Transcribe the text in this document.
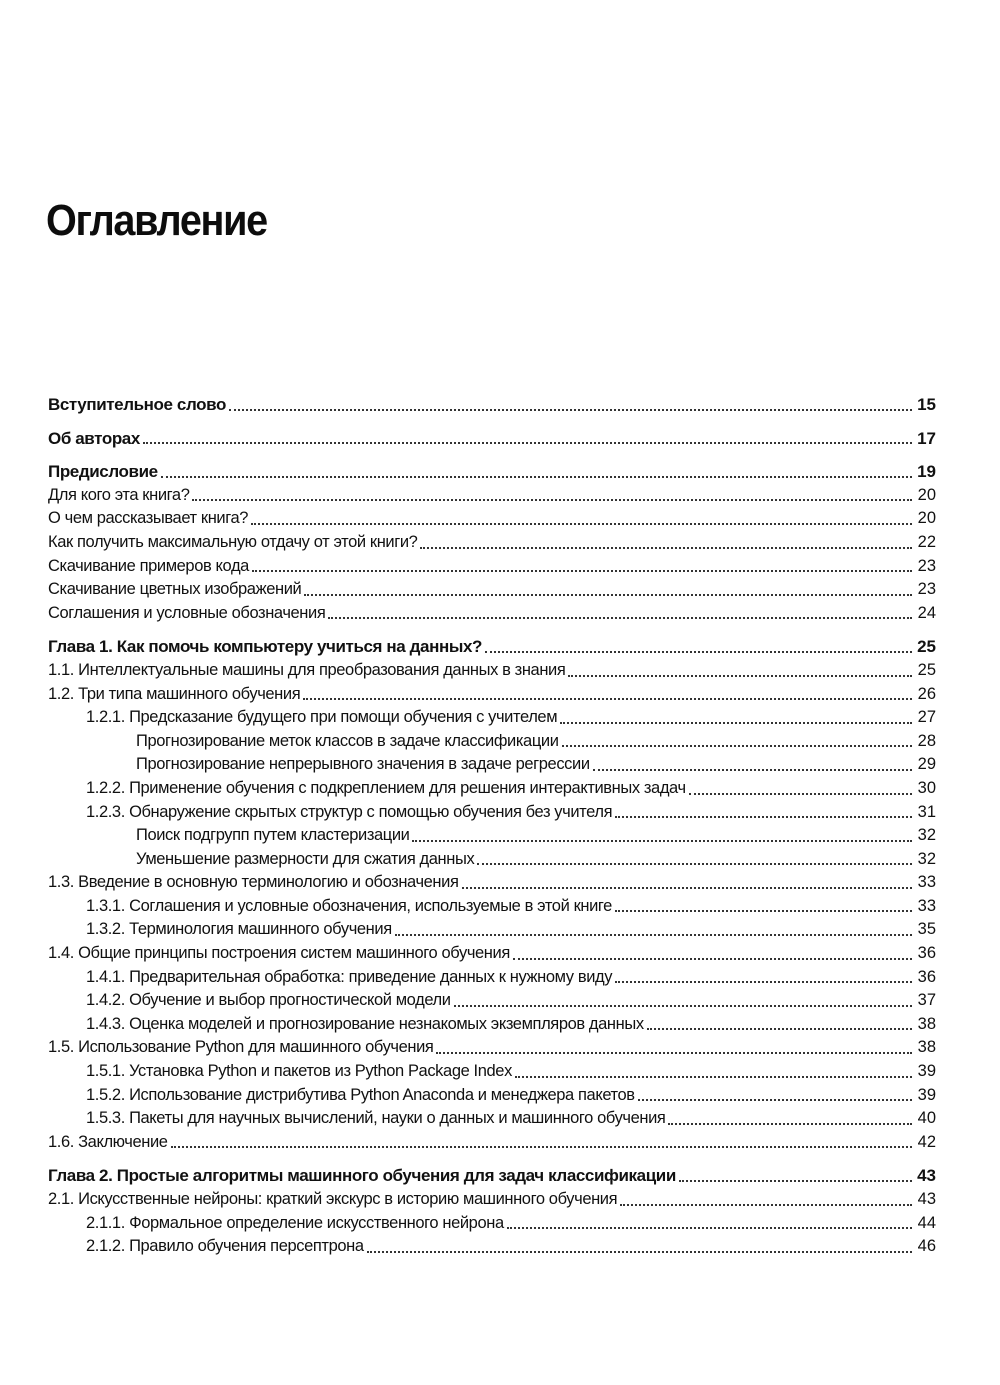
Оглавление
Вступительное слово	15
Об авторах	17
Предисловие	19
Для кого эта книга?	20
О чем рассказывает книга?	20
Как получить максимальную отдачу от этой книги?	22
Скачивание примеров кода	23
Скачивание цветных изображений	23
Соглашения и условные обозначения	24
Глава 1. Как помочь компьютеру учиться на данных?	25
1.1. Интеллектуальные машины для преобразования данных в знания	25
1.2. Три типа машинного обучения	26
1.2.1. Предсказание будущего при помощи обучения с учителем	27
Прогнозирование меток классов в задаче классификации	28
Прогнозирование непрерывного значения в задаче регрессии	29
1.2.2. Применение обучения с подкреплением для решения интерактивных задач	30
1.2.3. Обнаружение скрытых структур с помощью обучения без учителя	31
Поиск подгрупп путем кластеризации	32
Уменьшение размерности для сжатия данных	32
1.3. Введение в основную терминологию и обозначения	33
1.3.1. Соглашения и условные обозначения, используемые в этой книге	33
1.3.2. Терминология машинного обучения	35
1.4. Общие принципы построения систем машинного обучения	36
1.4.1. Предварительная обработка: приведение данных к нужному виду	36
1.4.2. Обучение и выбор прогностической модели	37
1.4.3. Оценка моделей и прогнозирование незнакомых экземпляров данных	38
1.5. Использование Python для машинного обучения	38
1.5.1. Установка Python и пакетов из Python Package Index	39
1.5.2. Использование дистрибутива Python Anaconda и менеджера пакетов	39
1.5.3. Пакеты для научных вычислений, науки о данных и машинного обучения	40
1.6. Заключение	42
Глава 2. Простые алгоритмы машинного обучения для задач классификации	43
2.1. Искусственные нейроны: краткий экскурс в историю машинного обучения	43
2.1.1. Формальное определение искусственного нейрона	44
2.1.2. Правило обучения персептрона	46
